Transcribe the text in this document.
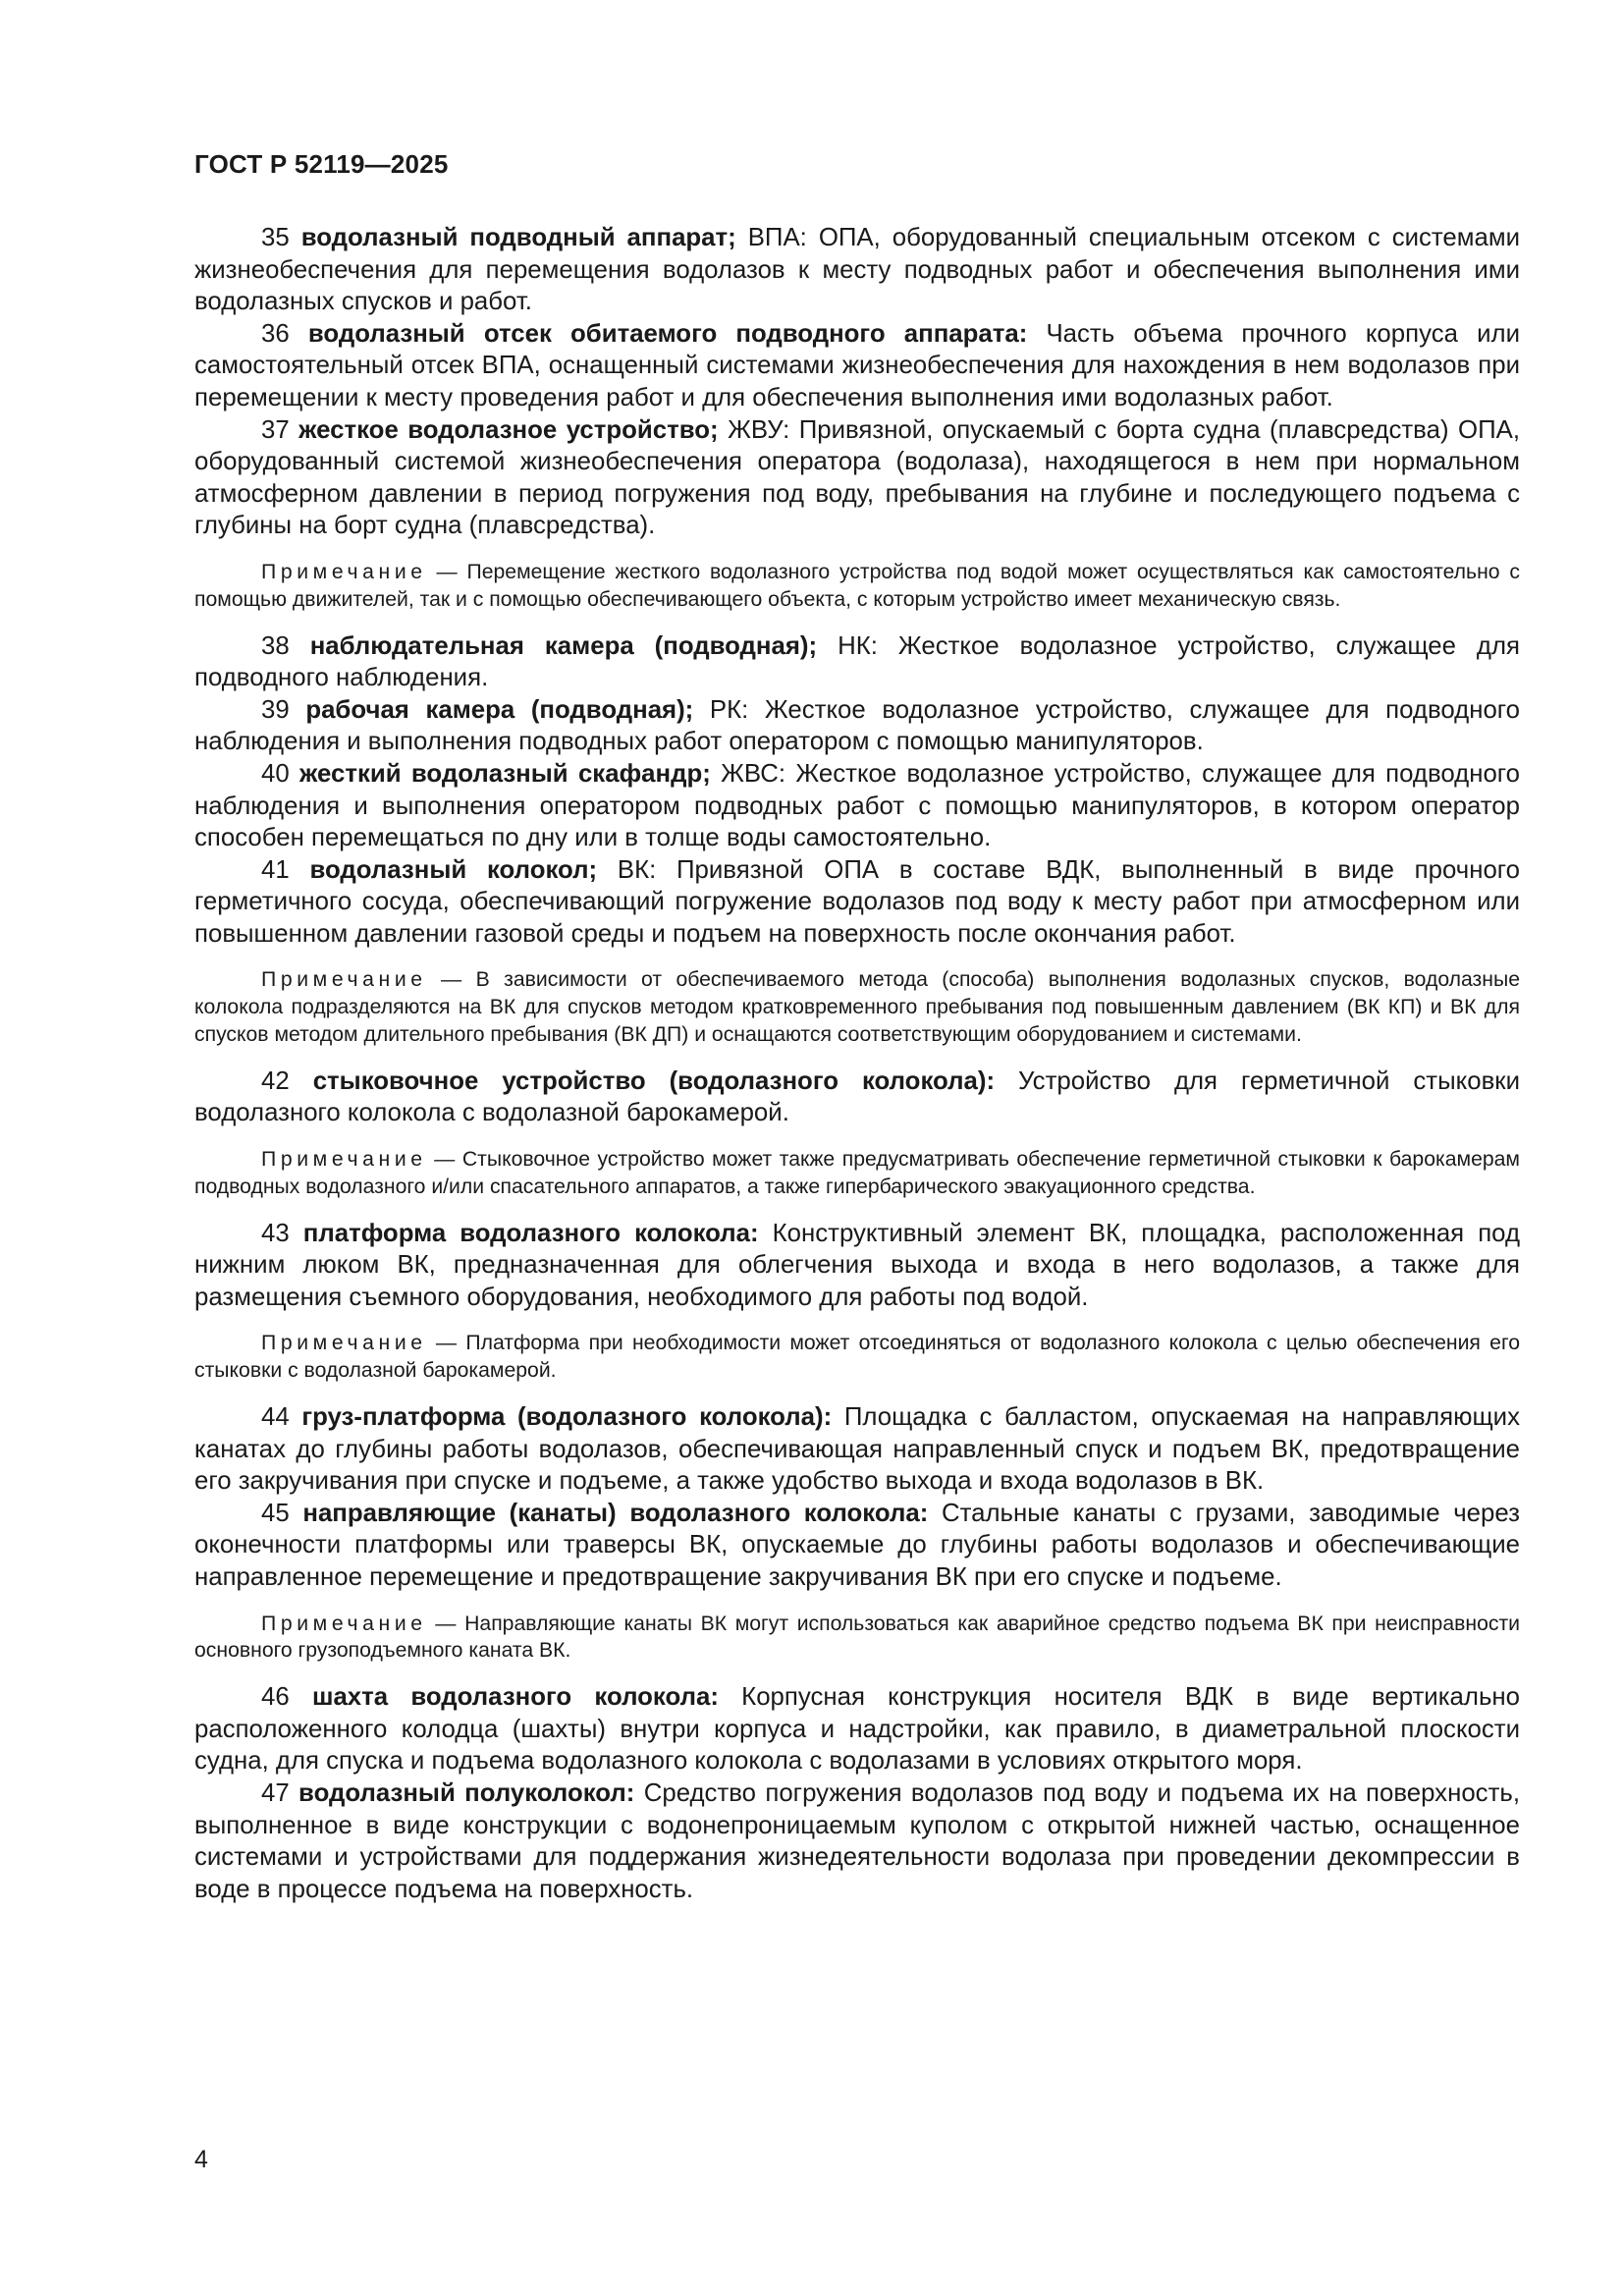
ГОСТ Р 52119—2025

35 водолазный подводный аппарат; ВПА: ОПА, оборудованный специальным отсеком с системами жизнеобеспечения для перемещения водолазов к месту подводных работ и обеспечения выполнения ими водолазных спусков и работ.

36 водолазный отсек обитаемого подводного аппарата: Часть объема прочного корпуса или самостоятельный отсек ВПА, оснащенный системами жизнеобеспечения для нахождения в нем водолазов при перемещении к месту проведения работ и для обеспечения выполнения ими водолазных работ.

37 жесткое водолазное устройство; ЖВУ: Привязной, опускаемый с борта судна (плавсредства) ОПА, оборудованный системой жизнеобеспечения оператора (водолаза), находящегося в нем при нормальном атмосферном давлении в период погружения под воду, пребывания на глубине и последующего подъема с глубины на борт судна (плавсредства).

Примечание — Перемещение жесткого водолазного устройства под водой может осуществляться как самостоятельно с помощью движителей, так и с помощью обеспечивающего объекта, с которым устройство имеет механическую связь.

38 наблюдательная камера (подводная); НК: Жесткое водолазное устройство, служащее для подводного наблюдения.

39 рабочая камера (подводная); РК: Жесткое водолазное устройство, служащее для подводного наблюдения и выполнения подводных работ оператором с помощью манипуляторов.

40 жесткий водолазный скафандр; ЖВС: Жесткое водолазное устройство, служащее для подводного наблюдения и выполнения оператором подводных работ с помощью манипуляторов, в котором оператор способен перемещаться по дну или в толще воды самостоятельно.

41 водолазный колокол; ВК: Привязной ОПА в составе ВДК, выполненный в виде прочного герметичного сосуда, обеспечивающий погружение водолазов под воду к месту работ при атмосферном или повышенном давлении газовой среды и подъем на поверхность после окончания работ.

Примечание — В зависимости от обеспечиваемого метода (способа) выполнения водолазных спусков, водолазные колокола подразделяются на ВК для спусков методом кратковременного пребывания под повышенным давлением (ВК КП) и ВК для спусков методом длительного пребывания (ВК ДП) и оснащаются соответствующим оборудованием и системами.

42 стыковочное устройство (водолазного колокола): Устройство для герметичной стыковки водолазного колокола с водолазной барокамерой.

Примечание — Стыковочное устройство может также предусматривать обеспечение герметичной стыковки к барокамерам подводных водолазного и/или спасательного аппаратов, а также гипербарического эвакуационного средства.

43 платформа водолазного колокола: Конструктивный элемент ВК, площадка, расположенная под нижним люком ВК, предназначенная для облегчения выхода и входа в него водолазов, а также для размещения съемного оборудования, необходимого для работы под водой.

Примечание — Платформа при необходимости может отсоединяться от водолазного колокола с целью обеспечения его стыковки с водолазной барокамерой.

44 груз-платформа (водолазного колокола): Площадка с балластом, опускаемая на направляющих канатах до глубины работы водолазов, обеспечивающая направленный спуск и подъем ВК, предотвращение его закручивания при спуске и подъеме, а также удобство выхода и входа водолазов в ВК.

45 направляющие (канаты) водолазного колокола: Стальные канаты с грузами, заводимые через оконечности платформы или траверсы ВК, опускаемые до глубины работы водолазов и обеспечивающие направленное перемещение и предотвращение закручивания ВК при его спуске и подъеме.

Примечание — Направляющие канаты ВК могут использоваться как аварийное средство подъема ВК при неисправности основного грузоподъемного каната ВК.

46 шахта водолазного колокола: Корпусная конструкция носителя ВДК в виде вертикально расположенного колодца (шахты) внутри корпуса и надстройки, как правило, в диаметральной плоскости судна, для спуска и подъема водолазного колокола с водолазами в условиях открытого моря.

47 водолазный полуколокол: Средство погружения водолазов под воду и подъема их на поверхность, выполненное в виде конструкции с водонепроницаемым куполом с открытой нижней частью, оснащенное системами и устройствами для поддержания жизнедеятельности водолаза при проведении декомпрессии в воде в процессе подъема на поверхность.

4
